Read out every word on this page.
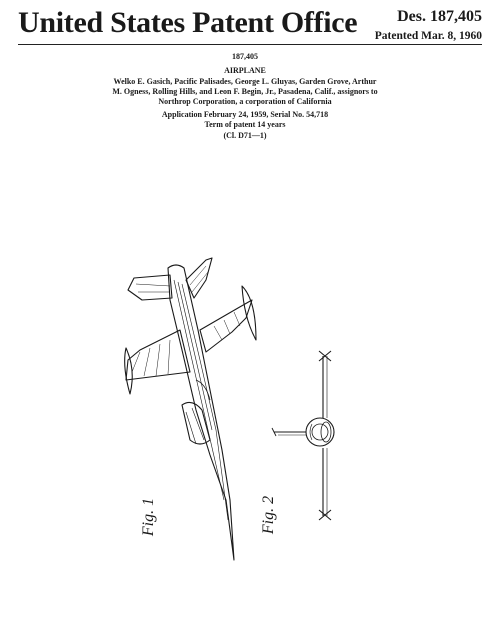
United States Patent Office Des. 187,405
Patented Mar. 8, 1960
187,405
AIRPLANE
Welko E. Gasich, Pacific Palisades, George L. Gluyas, Garden Grove, Arthur M. Ogness, Rolling Hills, and Leon F. Begin, Jr., Pasadena, Calif., assignors to Northrop Corporation, a corporation of California
Application February 24, 1959, Serial No. 54,718
Term of patent 14 years
(Cl. D71—1)
Fig. 1	Fig. 2
